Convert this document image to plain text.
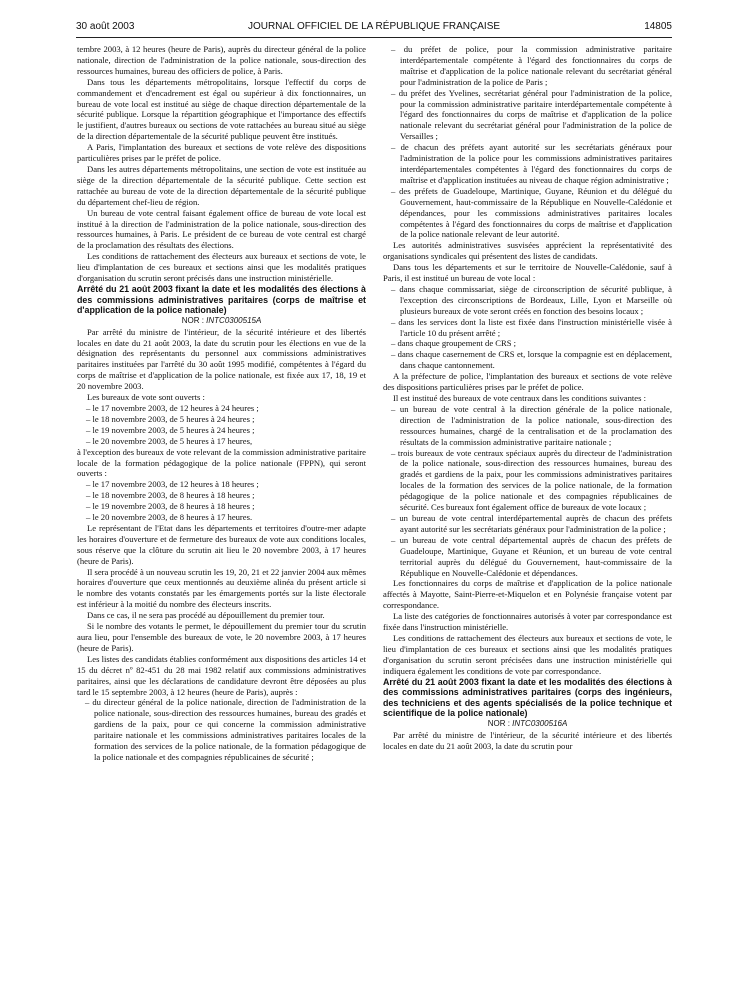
30 août 2003	JOURNAL OFFICIEL DE LA RÉPUBLIQUE FRANÇAISE	14805

tembre 2003, à 12 heures (heure de Paris), auprès du directeur général de la police nationale, direction de l'administration de la police nationale, sous-direction des ressources humaines, bureau des officiers de police, à Paris.

Dans tous les départements métropolitains, lorsque l'effectif du corps de commandement et d'encadrement est égal ou supérieur à dix fonctionnaires, un bureau de vote local est institué au siège de chaque direction départementale de la sécurité publique. Lorsque la répartition géographique et l'importance des effectifs le justifient, d'autres bureaux ou sections de vote rattachées au bureau situé au siège de la direction départementale de la sécurité publique peuvent être institués.

A Paris, l'implantation des bureaux et sections de vote relève des dispositions particulières prises par le préfet de police.

Dans les autres départements métropolitains, une section de vote est instituée au siège de la direction départementale de la sécurité publique. Cette section est rattachée au bureau de vote de la direction départementale de la sécurité publique du département chef-lieu de région.

Un bureau de vote central faisant également office de bureau de vote local est institué à la direction de l'administration de la police nationale, sous-direction des ressources humaines, à Paris. Le président de ce bureau de vote central est chargé de la proclamation des résultats des élections.

Les conditions de rattachement des électeurs aux bureaux et sections de vote, le lieu d'implantation de ces bureaux et sections ainsi que les modalités pratiques d'organisation du scrutin seront précisés dans une instruction ministérielle.

Arrêté du 21 août 2003 fixant la date et les modalités des élections à des commissions administratives paritaires (corps de maîtrise et d'application de la police nationale)

NOR : INTC0300515A

Par arrêté du ministre de l'intérieur, de la sécurité intérieure et des libertés locales en date du 21 août 2003, la date du scrutin pour les élections en vue de la désignation des représentants du personnel aux commissions administratives paritaires instituées par l'arrêté du 30 août 1995 modifié, compétentes à l'égard du corps de maîtrise et d'application de la police nationale, est fixée aux 17, 18, 19 et 20 novembre 2003.

Les bureaux de vote sont ouverts :

– le 17 novembre 2003, de 12 heures à 24 heures ;
– le 18 novembre 2003, de 5 heures à 24 heures ;
– le 19 novembre 2003, de 5 heures à 24 heures ;
– le 20 novembre 2003, de 5 heures à 17 heures,

à l'exception des bureaux de vote relevant de la commission administrative paritaire locale de la formation pédagogique de la police nationale (FPPN), qui seront ouverts :

– le 17 novembre 2003, de 12 heures à 18 heures ;
– le 18 novembre 2003, de 8 heures à 18 heures ;
– le 19 novembre 2003, de 8 heures à 18 heures ;
– le 20 novembre 2003, de 8 heures à 17 heures.

Le représentant de l'Etat dans les départements et territoires d'outre-mer adapte les horaires d'ouverture et de fermeture des bureaux de vote aux conditions locales, sous réserve que la clôture du scrutin ait lieu le 20 novembre 2003, à 17 heures (heure de Paris).

Il sera procédé à un nouveau scrutin les 19, 20, 21 et 22 janvier 2004 aux mêmes horaires d'ouverture que ceux mentionnés au deuxième alinéa du présent article si le nombre des votants constatés par les émargements portés sur la liste électorale est inférieur à la moitié du nombre des électeurs inscrits.

Dans ce cas, il ne sera pas procédé au dépouillement du premier tour.

Si le nombre des votants le permet, le dépouillement du premier tour du scrutin aura lieu, pour l'ensemble des bureaux de vote, le 20 novembre 2003, à 17 heures (heure de Paris).

Les listes des candidats établies conformément aux dispositions des articles 14 et 15 du décret nº 82-451 du 28 mai 1982 relatif aux commissions administratives paritaires, ainsi que les déclarations de candidature devront être déposées au plus tard le 15 septembre 2003, à 12 heures (heure de Paris), auprès :

– du directeur général de la police nationale, direction de l'administration de la police nationale, sous-direction des ressources humaines, bureau des gradés et gardiens de la paix, pour ce qui concerne la commission administrative paritaire nationale et les commissions administratives paritaires locales de la formation des services de la police nationale, de la formation pédagogique de la police nationale et des compagnies républicaines de sécurité ;
– du préfet de police, pour la commission administrative paritaire interdépartementale compétente à l'égard des fonctionnaires du corps de maîtrise et d'application de la police nationale relevant du secrétariat général pour l'administration de la police de Paris ;
– du préfet des Yvelines, secrétariat général pour l'administration de la police, pour la commission administrative paritaire interdépartementale compétente à l'égard des fonctionnaires du corps de maîtrise et d'application de la police nationale relevant du secrétariat général pour l'administration de la police de Versailles ;
– de chacun des préfets ayant autorité sur les secrétariats généraux pour l'administration de la police pour les commissions administratives paritaires interdépartementales compétentes à l'égard des fonctionnaires du corps de maîtrise et d'application instituées au niveau de chaque région administrative ;
– des préfets de Guadeloupe, Martinique, Guyane, Réunion et du délégué du Gouvernement, haut-commissaire de la République en Nouvelle-Calédonie et dépendances, pour les commissions administratives paritaires locales compétentes à l'égard des fonctionnaires du corps de maîtrise et d'application de la police nationale relevant de leur autorité.

Les autorités administratives susvisées apprécient la représentativité des organisations syndicales qui présentent des listes de candidats.

Dans tous les départements et sur le territoire de Nouvelle-Calédonie, sauf à Paris, il est institué un bureau de vote local :

– dans chaque commissariat, siège de circonscription de sécurité publique, à l'exception des circonscriptions de Bordeaux, Lille, Lyon et Marseille où plusieurs bureaux de vote seront créés en fonction des besoins locaux ;
– dans les services dont la liste est fixée dans l'instruction ministérielle visée à l'article 10 du présent arrêté ;
– dans chaque groupement de CRS ;
– dans chaque casernement de CRS et, lorsque la compagnie est en déplacement, dans chaque cantonnement.

A la préfecture de police, l'implantation des bureaux et sections de vote relève des dispositions particulières prises par le préfet de police.

Il est institué des bureaux de vote centraux dans les conditions suivantes :

– un bureau de vote central à la direction générale de la police nationale, direction de l'administration de la police nationale, sous-direction des ressources humaines, chargé de la centralisation et de la proclamation des résultats de la commission administrative paritaire nationale ;
– trois bureaux de vote centraux spéciaux auprès du directeur de l'administration de la police nationale, sous-direction des ressources humaines, bureau des gradés et gardiens de la paix, pour les commissions administratives paritaires locales de la formation des services de la police nationale, de la formation pédagogique de la police nationale et des compagnies républicaines de sécurité. Ces bureaux font également office de bureaux de vote locaux ;
– un bureau de vote central interdépartemental auprès de chacun des préfets ayant autorité sur les secrétariats généraux pour l'administration de la police ;
– un bureau de vote central départemental auprès de chacun des préfets de Guadeloupe, Martinique, Guyane et Réunion, et un bureau de vote central territorial auprès du délégué du Gouvernement, haut-commissaire de la République en Nouvelle-Calédonie et dépendances.

Les fonctionnaires du corps de maîtrise et d'application de la police nationale affectés à Mayotte, Saint-Pierre-et-Miquelon et en Polynésie française votent par correspondance.

La liste des catégories de fonctionnaires autorisés à voter par correspondance est fixée dans l'instruction ministérielle.

Les conditions de rattachement des électeurs aux bureaux et sections de vote, le lieu d'implantation de ces bureaux et sections ainsi que les modalités pratiques d'organisation du scrutin seront précisées dans une instruction ministérielle qui indiquera également les conditions de vote par correspondance.

Arrêté du 21 août 2003 fixant la date et les modalités des élections à des commissions administratives paritaires (corps des ingénieurs, des techniciens et des agents spécialisés de la police technique et scientifique de la police nationale)

NOR : INTC0300516A

Par arrêté du ministre de l'intérieur, de la sécurité intérieure et des libertés locales en date du 21 août 2003, la date du scrutin pour
